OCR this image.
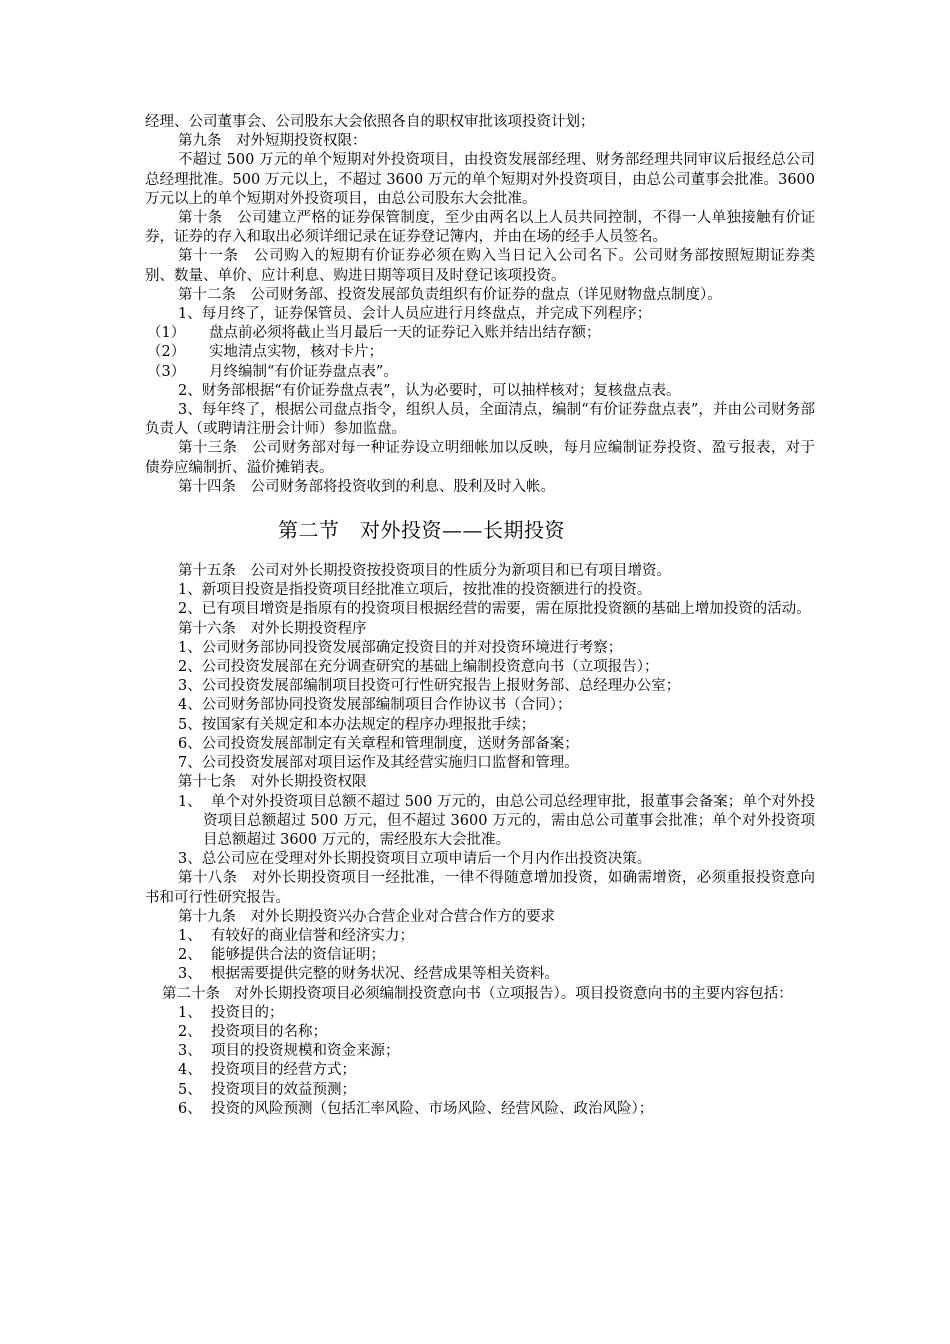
经理、公司董事会、公司股东大会依照各自的职权审批该项投资计划；

第九条　对外短期投资权限：

不超过 500 万元的单个短期对外投资项目，由投资发展部经理、财务部经理共同审议后报经总公司总经理批准。500 万元以上，不超过 3600 万元的单个短期对外投资项目，由总公司董事会批准。3600 万元以上的单个短期对外投资项目，由总公司股东大会批准。

第十条　公司建立严格的证券保管制度，至少由两名以上人员共同控制，不得一人单独接触有价证券，证券的存入和取出必须详细记录在证券登记簿内，并由在场的经手人员签名。

第十一条　公司购入的短期有价证券必须在购入当日记入公司名下。公司财务部按照短期证券类别、数量、单价、应计利息、购进日期等项目及时登记该项投资。

第十二条　公司财务部、投资发展部负责组织有价证券的盘点（详见财物盘点制度）。

1、每月终了，证券保管员、会计人员应进行月终盘点，并完成下列程序；

（1） 盘点前必须将截止当月最后一天的证券记入账并结出结存额；

（2） 实地清点实物，核对卡片；

（3） 月终编制“有价证券盘点表”。

2、财务部根据“有价证券盘点表”，认为必要时，可以抽样核对；复核盘点表。

3、每年终了，根据公司盘点指令，组织人员，全面清点，编制“有价证券盘点表”，并由公司财务部负责人（或聘请注册会计师）参加监盘。

第十三条　公司财务部对每一种证券设立明细帐加以反映，每月应编制证券投资、盈亏报表，对于债券应编制折、溢价摊销表。

第十四条　公司财务部将投资收到的利息、股利及时入帐。

第二节　对外投资——长期投资

第十五条　公司对外长期投资按投资项目的性质分为新项目和已有项目增资。

1、新项目投资是指投资项目经批准立项后，按批准的投资额进行的投资。

2、已有项目增资是指原有的投资项目根据经营的需要，需在原批投资额的基础上增加投资的活动。

第十六条　对外长期投资程序

1、公司财务部协同投资发展部确定投资目的并对投资环境进行考察；

2、公司投资发展部在充分调查研究的基础上编制投资意向书（立项报告）；

3、公司投资发展部编制项目投资可行性研究报告上报财务部、总经理办公室；

4、公司财务部协同投资发展部编制项目合作协议书（合同）；

5、按国家有关规定和本办法规定的程序办理报批手续；

6、公司投资发展部制定有关章程和管理制度，送财务部备案；

7、公司投资发展部对项目运作及其经营实施归口监督和管理。

第十七条　对外长期投资权限

1、 单个对外投资项目总额不超过 500 万元的，由总公司总经理审批，报董事会备案；单个对外投资项目总额超过 500 万元，但不超过 3600 万元的，需由总公司董事会批准；单个对外投资项目总额超过 3600 万元的，需经股东大会批准。

3、总公司应在受理对外长期投资项目立项申请后一个月内作出投资决策。

第十八条　对外长期投资项目一经批准，一律不得随意增加投资，如确需增资，必须重报投资意向书和可行性研究报告。

第十九条　对外长期投资兴办合营企业对合营合作方的要求

1、 有较好的商业信誉和经济实力；

2、 能够提供合法的资信证明；

3、 根据需要提供完整的财务状况、经营成果等相关资料。

第二十条　对外长期投资项目必须编制投资意向书（立项报告）。项目投资意向书的主要内容包括：

1、 投资目的；

2、 投资项目的名称；

3、 项目的投资规模和资金来源；

4、 投资项目的经营方式；

5、 投资项目的效益预测；

6、 投资的风险预测（包括汇率风险、市场风险、经营风险、政治风险）；
